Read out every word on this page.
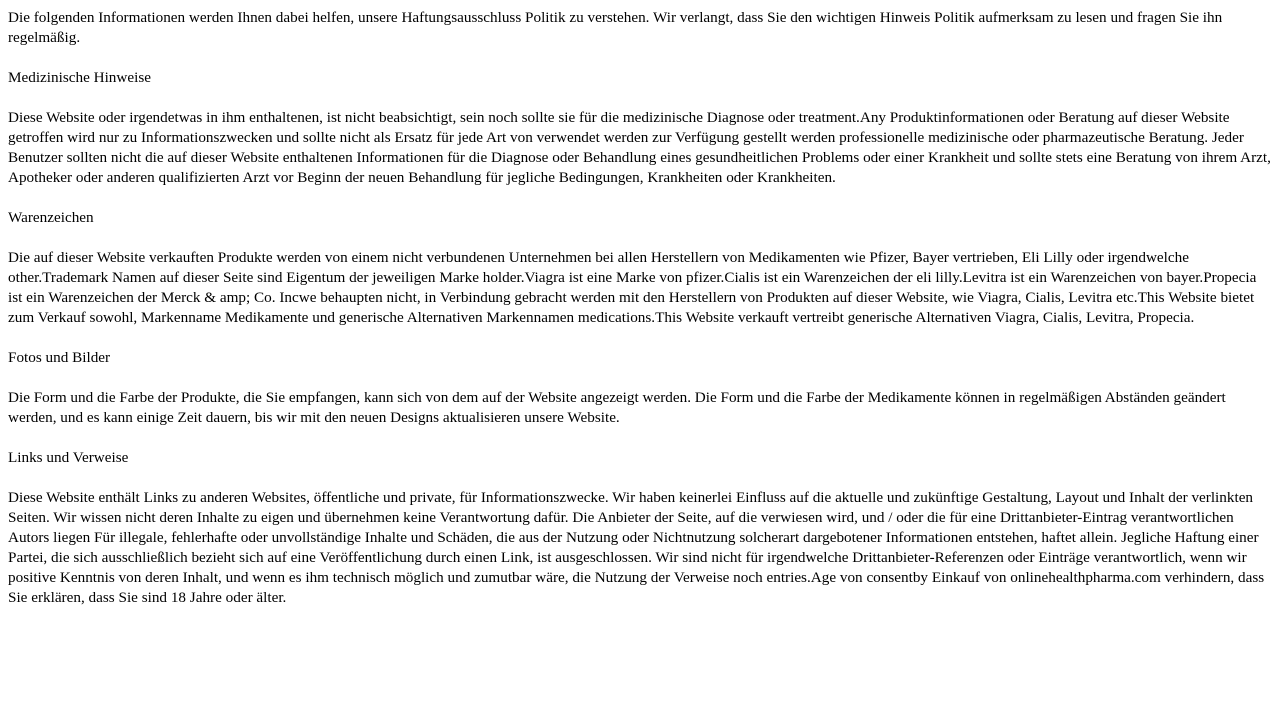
Die folgenden Informationen werden Ihnen dabei helfen, unsere Haftungsausschluss Politik zu verstehen. Wir verlangt, dass Sie den wichtigen Hinweis Politik aufmerksam zu lesen und fragen Sie ihn regelmäßig.

Medizinische Hinweise

Diese Website oder irgendetwas in ihm enthaltenen, ist nicht beabsichtigt, sein noch sollte sie für die medizinische Diagnose oder treatment.Any Produktinformationen oder Beratung auf dieser Website getroffen wird nur zu Informationszwecken und sollte nicht als Ersatz für jede Art von verwendet werden zur Verfügung gestellt werden professionelle medizinische oder pharmazeutische Beratung. Jeder Benutzer sollten nicht die auf dieser Website enthaltenen Informationen für die Diagnose oder Behandlung eines gesundheitlichen Problems oder einer Krankheit und sollte stets eine Beratung von ihrem Arzt, Apotheker oder anderen qualifizierten Arzt vor Beginn der neuen Behandlung für jegliche Bedingungen, Krankheiten oder Krankheiten.

Warenzeichen

Die auf dieser Website verkauften Produkte werden von einem nicht verbundenen Unternehmen bei allen Herstellern von Medikamenten wie Pfizer, Bayer vertrieben, Eli Lilly oder irgendwelche other.Trademark Namen auf dieser Seite sind Eigentum der jeweiligen Marke holder.Viagra ist eine Marke von pfizer.Cialis ist ein Warenzeichen der eli lilly.Levitra ist ein Warenzeichen von bayer.Propecia ist ein Warenzeichen der Merck & amp; Co. Incwe behaupten nicht, in Verbindung gebracht werden mit den Herstellern von Produkten auf dieser Website, wie Viagra, Cialis, Levitra etc.This Website bietet zum Verkauf sowohl, Markenname Medikamente und generische Alternativen Markennamen medications.This Website verkauft vertreibt generische Alternativen Viagra, Cialis, Levitra, Propecia.

Fotos und Bilder

Die Form und die Farbe der Produkte, die Sie empfangen, kann sich von dem auf der Website angezeigt werden. Die Form und die Farbe der Medikamente können in regelmäßigen Abständen geändert werden, und es kann einige Zeit dauern, bis wir mit den neuen Designs aktualisieren unsere Website.

Links und Verweise

Diese Website enthält Links zu anderen Websites, öffentliche und private, für Informationszwecke. Wir haben keinerlei Einfluss auf die aktuelle und zukünftige Gestaltung, Layout und Inhalt der verlinkten Seiten. Wir wissen nicht deren Inhalte zu eigen und übernehmen keine Verantwortung dafür. Die Anbieter der Seite, auf die verwiesen wird, und / oder die für eine Drittanbieter-Eintrag verantwortlichen Autors liegen Für illegale, fehlerhafte oder unvollständige Inhalte und Schäden, die aus der Nutzung oder Nichtnutzung solcherart dargebotener Informationen entstehen, haftet allein. Jegliche Haftung einer Partei, die sich ausschließlich bezieht sich auf eine Veröffentlichung durch einen Link, ist ausgeschlossen. Wir sind nicht für irgendwelche Drittanbieter-Referenzen oder Einträge verantwortlich, wenn wir positive Kenntnis von deren Inhalt, und wenn es ihm technisch möglich und zumutbar wäre, die Nutzung der Verweise noch entries.Age von consentby Einkauf von onlinehealthpharma.com verhindern, dass Sie erklären, dass Sie sind 18 Jahre oder älter.
